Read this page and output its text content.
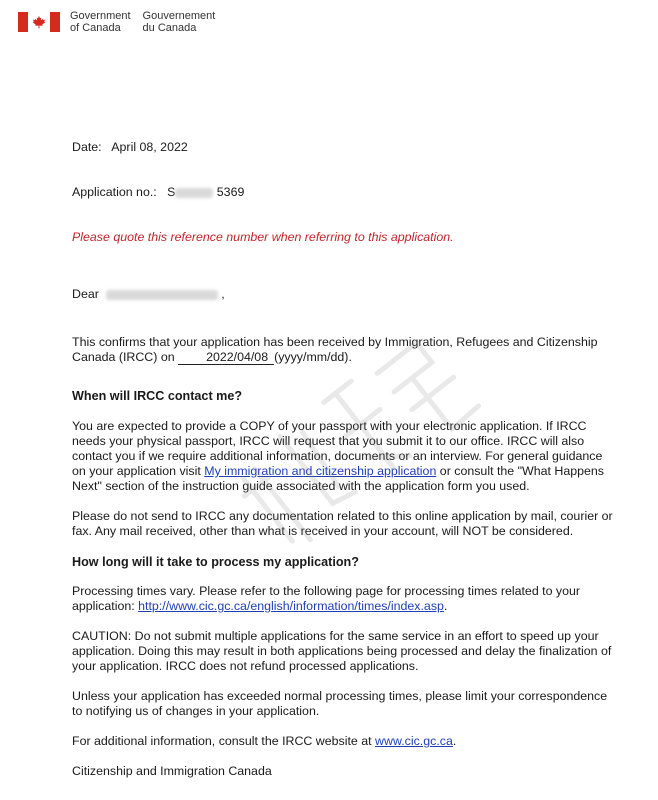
Government
of Canada
Gouvernement
du Canada

Date: April 08, 2022

Application no.: S	5369

Please quote this reference number when referring to this application.

Dear	,

This confirms that your application has been received by Immigration, Refugees and Citizenship Canada (IRCC) on	2022/04/08 (yyyy/mm/dd).

When will IRCC contact me?

You are expected to provide a COPY of your passport with your electronic application. If IRCC needs your physical passport, IRCC will request that you submit it to our office. IRCC will also contact you if we require additional information, documents or an interview. For general guidance on your application visit My immigration and citizenship application or consult the "What Happens Next" section of the instruction guide associated with the application form you used.

Please do not send to IRCC any documentation related to this online application by mail, courier or fax. Any mail received, other than what is received in your account, will NOT be considered.

How long will it take to process my application?

Processing times vary. Please refer to the following page for processing times related to your application: http://www.cic.gc.ca/english/information/times/index.asp.

CAUTION: Do not submit multiple applications for the same service in an effort to speed up your application. Doing this may result in both applications being processed and delay the finalization of your application. IRCC does not refund processed applications.

Unless your application has exceeded normal processing times, please limit your correspondence to notifying us of changes in your application.

For additional information, consult the IRCC website at www.cic.gc.ca.

Citizenship and Immigration Canada
